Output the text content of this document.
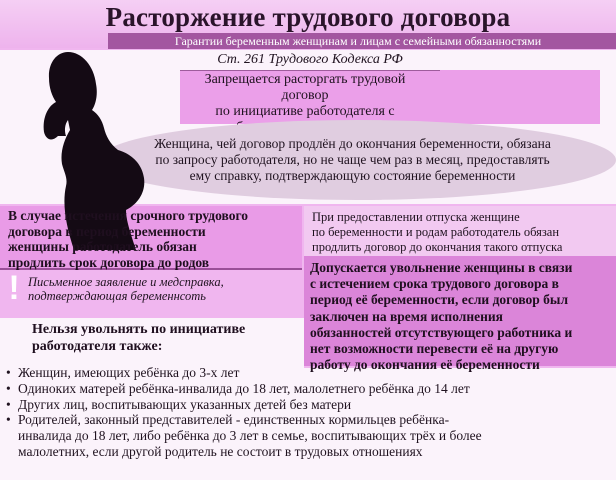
Расторжение трудового договора
Гарантии беременным женщинам и лицам с семейными обязанностями
Ст. 261 Трудового Кодекса РФ
Запрещается расторгать трудовой договор
по инициативе работодателя с
Женщина, чей договор продлён до окончания беременности, обязана
по запросу работодателя, но не чаще чем раз в месяц, предоставлять
ему справку, подтверждающую состояние беременности
В случае истечения срочного трудового
договора в период беременности
женщины работодатель обязан
продлить срок договора до родов
! Письменное заявление и медсправка,
подтверждающая беременнсоть
При предоставлении отпуска женщине
по беременности и родам работодатель обязан
продлить договор до окончания такого отпуска
Допускается увольнение женщины в связи
с истечением срока трудового договора в
период её беременности, если договор был
заключен на время исполнения
обязанностей отсутствующего работника и
нет возможности перевести её на другую
работу до окончания её беременности
Нельзя увольнять по инициативе
работодателя также:
• Женщин, имеющих ребёнка до 3-х лет
• Одиноких матерей ребёнка-инвалида до 18 лет, малолетнего ребёнка до 14 лет
• Других лиц, воспитывающих указанных детей без матери
• Родителей, законный представителей - единственных кормильцев ребёнка-
инвалида до 18 лет, либо ребёнка до 3 лет в семье, воспитывающих трёх и более
малолетних, если другой родитель не состоит в трудовых отношениях
